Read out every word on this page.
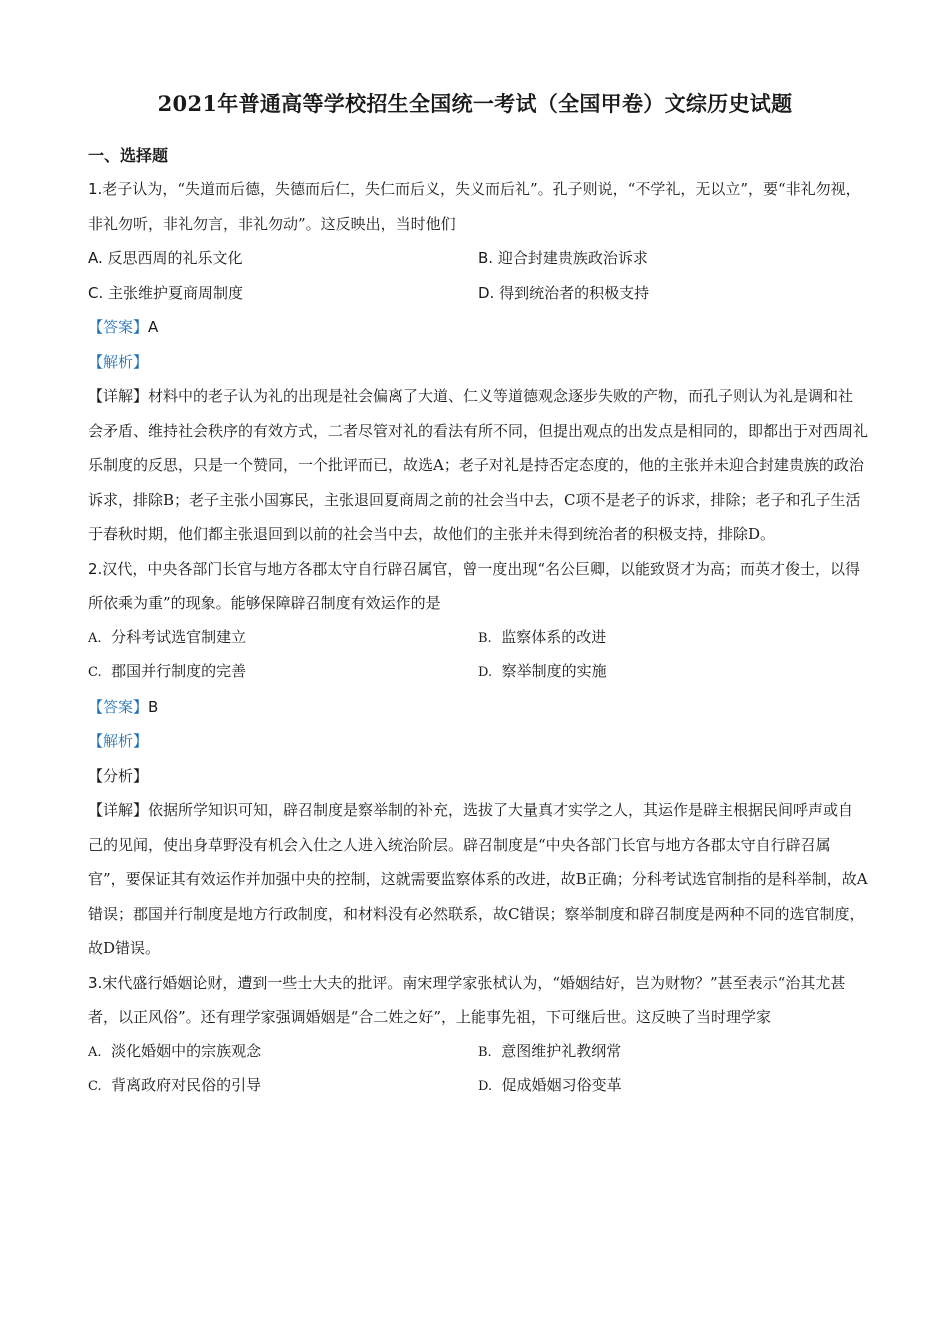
2021年普通高等学校招生全国统一考试（全国甲卷）文综历史试题
一、选择题

1.老子认为，“失道而后德，失德而后仁，失仁而后义，失义而后礼”。孔子则说，“不学礼，无以立”，要“非礼勿视，非礼勿听，非礼勿言，非礼勿动”。这反映出，当时他们

A. 反思西周的礼乐文化	B. 迎合封建贵族政治诉求
C. 主张维护夏商周制度	D. 得到统治者的积极支持

【答案】A

【解析】

【详解】材料中的老子认为礼的出现是社会偏离了大道、仁义等道德观念逐步失败的产物，而孔子则认为礼是调和社会矛盾、维持社会秩序的有效方式，二者尽管对礼的看法有所不同，但提出观点的出发点是相同的，即都出于对西周礼乐制度的反思，只是一个赞同，一个批评而已，故选A；老子对礼是持否定态度的，他的主张并未迎合封建贵族的政治诉求，排除B；老子主张小国寡民，主张退回夏商周之前的社会当中去，C项不是老子的诉求，排除；老子和孔子生活于春秋时期，他们都主张退回到以前的社会当中去，故他们的主张并未得到统治者的积极支持，排除D。

2.汉代，中央各部门长官与地方各郡太守自行辟召属官，曾一度出现“名公巨卿，以能致贤才为高；而英才俊士，以得所依乘为重”的现象。能够保障辟召制度有效运作的是

A. 分科考试选官制建立	B. 监察体系的改进
C. 郡国并行制度的完善	D. 察举制度的实施

【答案】B

【解析】

【分析】

【详解】依据所学知识可知，辟召制度是察举制的补充，选拔了大量真才实学之人，其运作是辟主根据民间呼声或自己的见闻，使出身草野没有机会入仕之人进入统治阶层。辟召制度是“中央各部门长官与地方各郡太守自行辟召属官”，要保证其有效运作并加强中央的控制，这就需要监察体系的改进，故B正确；分科考试选官制指的是科举制，故A错误；郡国并行制度是地方行政制度，和材料没有必然联系，故C错误；察举制度和辟召制度是两种不同的选官制度，故D错误。

3.宋代盛行婚姻论财，遭到一些士大夫的批评。南宋理学家张栻认为，“婚姻结好，岂为财物？”甚至表示“治其尤甚者，以正风俗”。还有理学家强调婚姻是“合二姓之好”，上能事先祖，下可继后世。这反映了当时理学家

A. 淡化婚姻中的宗族观念	B. 意图维护礼教纲常
C. 背离政府对民俗的引导	D. 促成婚姻习俗变革
